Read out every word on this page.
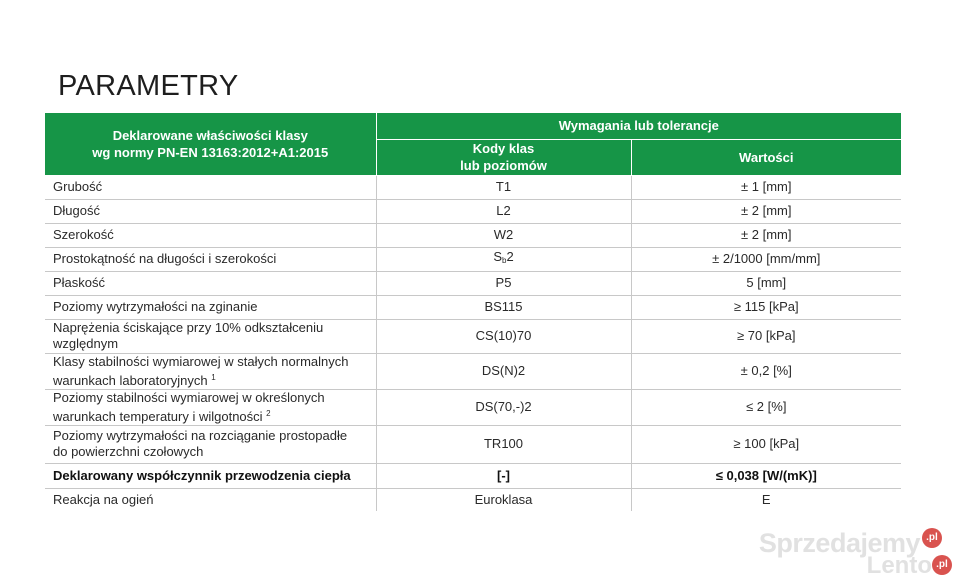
PARAMETRY
Deklarowane właściwości klasy
wg normy PN-EN 13163:2012+A1:2015	Wymagania lub tolerancje	
	Kody klas
lub poziomów	Wartości
Grubość	T1	± 1 [mm]
Długość	L2	± 2 [mm]
Szerokość	W2	± 2 [mm]
Prostokątność na długości i szerokości	$S_b2$	± 2/1000 [mm/mm]
Płaskość	P5	5 [mm]
Poziomy wytrzymałości na zginanie	BS115	≥ 115 [kPa]
Naprężenia ściskające przy 10% odkształceniu
względnym	CS(10)70	≥ 70 [kPa]
Klasy stabilności wymiarowej w stałych normalnych
warunkach laboratoryjnych $^1$	DS(N)2	± 0,2 [%]
Poziomy stabilności wymiarowej w określonych
warunkach temperatury i wilgotności $^2$	DS(70,-)2	≤ 2 [%]
Poziomy wytrzymałości na rozciąganie prostopadłe
do powierzchni czołowych	TR100	≥ 100 [kPa]
Deklarowany współczynnik przewodzenia ciepła	[-]	≤ 0,038 [W/(mK)]
Reakcja na ogień	Euroklasa	E
Sprzedajemy .pl
Lento .pl
